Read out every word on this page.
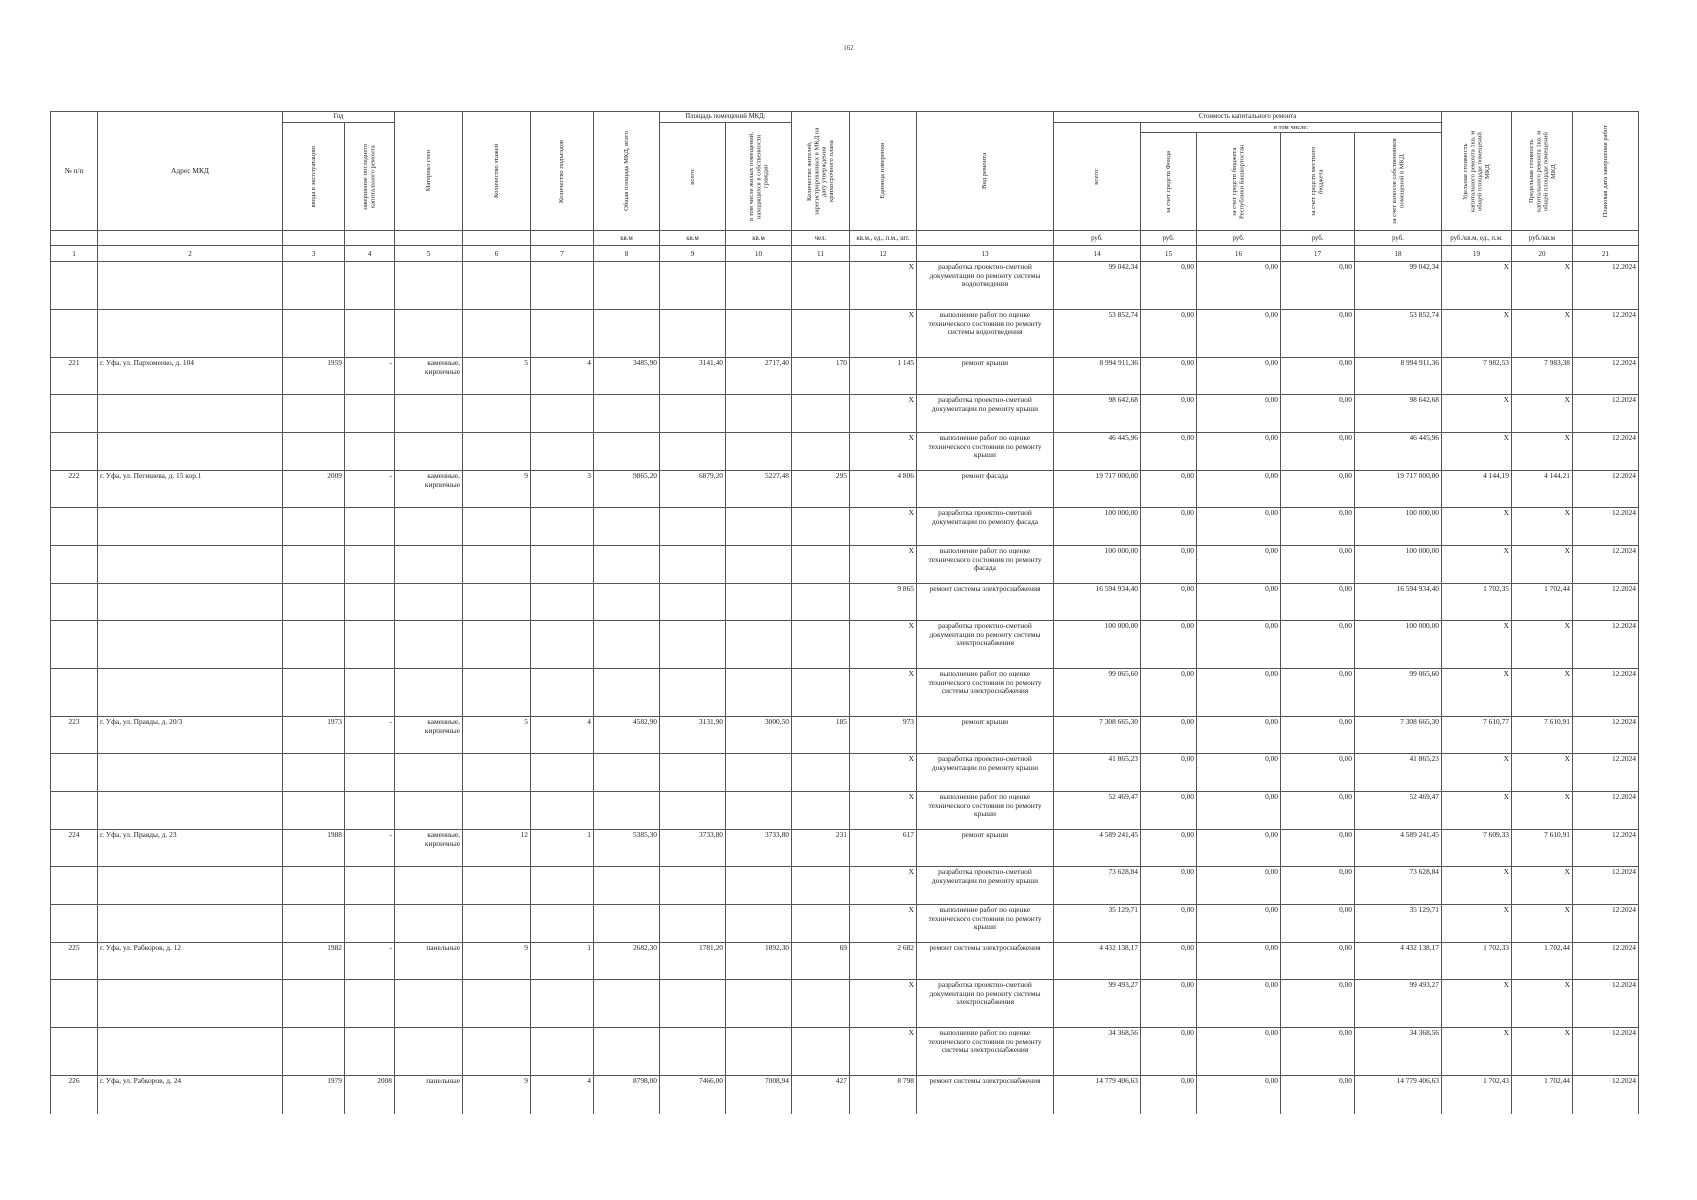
162
№ п/п	Адрес МКД	Год		Материал стен	Количество этажей	Количество подъездов	Общая площадь МКД, всего	Площадь помещений МКД:		Количество жителей, зарегистрированных в МКД на дату утверждения краткосрочного плана	Единица измерения	Вид ремонта	Стоимость капитального ремонта					Удельная стоимость капитального ремонта 1кв. м общей площади помещений МКД	Предельная стоимость капитального ремонта 1кв. м общей площади помещений МКД	Плановая дата завершения работ

		ввода в эксплуатацию	завершение последнего капитального ремонта					всего:	в том числе жилых помещений, находящихся в собственности граждан				всего:	в том числе:						

														за счет средств Фонда	за счет средств бюджета Республики Башкортостан	за счет средств местного бюджета	за счет взносов собственников помещений в МКД			

							кв.м	кв.м	кв.м	чел.	кв.м., ед., п.м., шт.		руб.	руб.	руб.	руб.	руб.	руб./кв.м, ед., п.м.	руб./кв.м	
1	2	3	4	5	6	7	8	9	10	11	12	13	14	15	16	17	18	19	20	21
											X	разработка проектно-сметной документации по ремонту системы водоотведения	99 042,34	0,00	0,00	0,00	99 042,34	X	X	12.2024
											X	выполнение работ по оценке технического состояния по ремонту системы водоотведения	53 852,74	0,00	0,00	0,00	53 852,74	X	X	12.2024
221	г. Уфа, ул. Пархоменко, д. 104	1959	-	каменные, кирпичные	5	4	3485,90	3141,40	2717,40	170	1 145	ремонт крыши	8 994 911,36	0,00	0,00	0,00	8 994 911,36	7 982,53	7 983,38	12.2024
											X	разработка проектно-сметной документации по ремонту крыши	98 642,68	0,00	0,00	0,00	98 642,68	X	X	12.2024
											X	выполнение работ по оценке технического состояния по ремонту крыши	46 445,96	0,00	0,00	0,00	46 445,96	X	X	12.2024
222	г. Уфа, ул. Пегишева, д. 15 кор.1	2009	-	каменные, кирпичные	9	3	9865,20	6879,20	5227,48	295	4 806	ремонт фасада	19 717 000,00	0,00	0,00	0,00	19 717 000,00	4 144,19	4 144,21	12.2024
											X	разработка проектно-сметной документации по ремонту фасада	100 000,00	0,00	0,00	0,00	100 000,00	X	X	12.2024
											X	выполнение работ по оценке технического состояния по ремонту фасада	100 000,00	0,00	0,00	0,00	100 000,00	X	X	12.2024
											9 865	ремонт системы электроснабжения	16 594 934,40	0,00	0,00	0,00	16 594 934,40	1 702,35	1 702,44	12.2024
											X	разработка проектно-сметной документации по ремонту системы электроснабжения	100 000,00	0,00	0,00	0,00	100 000,00	X	X	12.2024
											X	выполнение работ по оценке технического состояния по ремонту системы электроснабжения	99 065,60	0,00	0,00	0,00	99 065,60	X	X	12.2024
223	г. Уфа, ул. Правды, д. 20/3	1973	-	каменные, кирпичные	5	4	4582,90	3131,90	3000,50	185	973	ремонт крыши	7 308 665,30	0,00	0,00	0,00	7 308 665,30	7 610,77	7 610,91	12.2024
											X	разработка проектно-сметной документации по ремонту крыши	41 865,23	0,00	0,00	0,00	41 865,23	X	X	12.2024
											X	выполнение работ по оценке технического состояния по ремонту крыши	52 469,47	0,00	0,00	0,00	52 469,47	X	X	12.2024
224	г. Уфа, ул. Правды, д. 23	1988	-	каменные, кирпичные	12	1	5385,30	3733,80	3733,80	231	617	ремонт крыши	4 589 241,45	0,00	0,00	0,00	4 589 241,45	7 609,33	7 610,91	12.2024
											X	разработка проектно-сметной документации по ремонту крыши	73 628,84	0,00	0,00	0,00	73 628,84	X	X	12.2024
											X	выполнение работ по оценке технического состояния по ремонту крыши	35 129,71	0,00	0,00	0,00	35 129,71	X	X	12.2024
225	г. Уфа, ул. Рабкоров, д. 12	1982	-	панельные	9	1	2682,30	1781,20	1892,30	69	2 682	ремонт системы электроснабжения	4 432 138,17	0,00	0,00	0,00	4 432 138,17	1 702,33	1 702,44	12.2024
											X	разработка проектно-сметной документации по ремонту системы электроснабжения	99 493,27	0,00	0,00	0,00	99 493,27	X	X	12.2024
											X	выполнение работ по оценке технического состояния по ремонту системы электроснабжения	34 368,56	0,00	0,00	0,00	34 368,56	X	X	12.2024
226	г. Уфа, ул. Рабкоров, д. 24	1979	2008	панельные	9	4	8798,00	7466,00	7008,94	427	8 798	ремонт системы электроснабжения	14 779 406,63	0,00	0,00	0,00	14 779 406,63	1 702,43	1 702,44	12.2024
